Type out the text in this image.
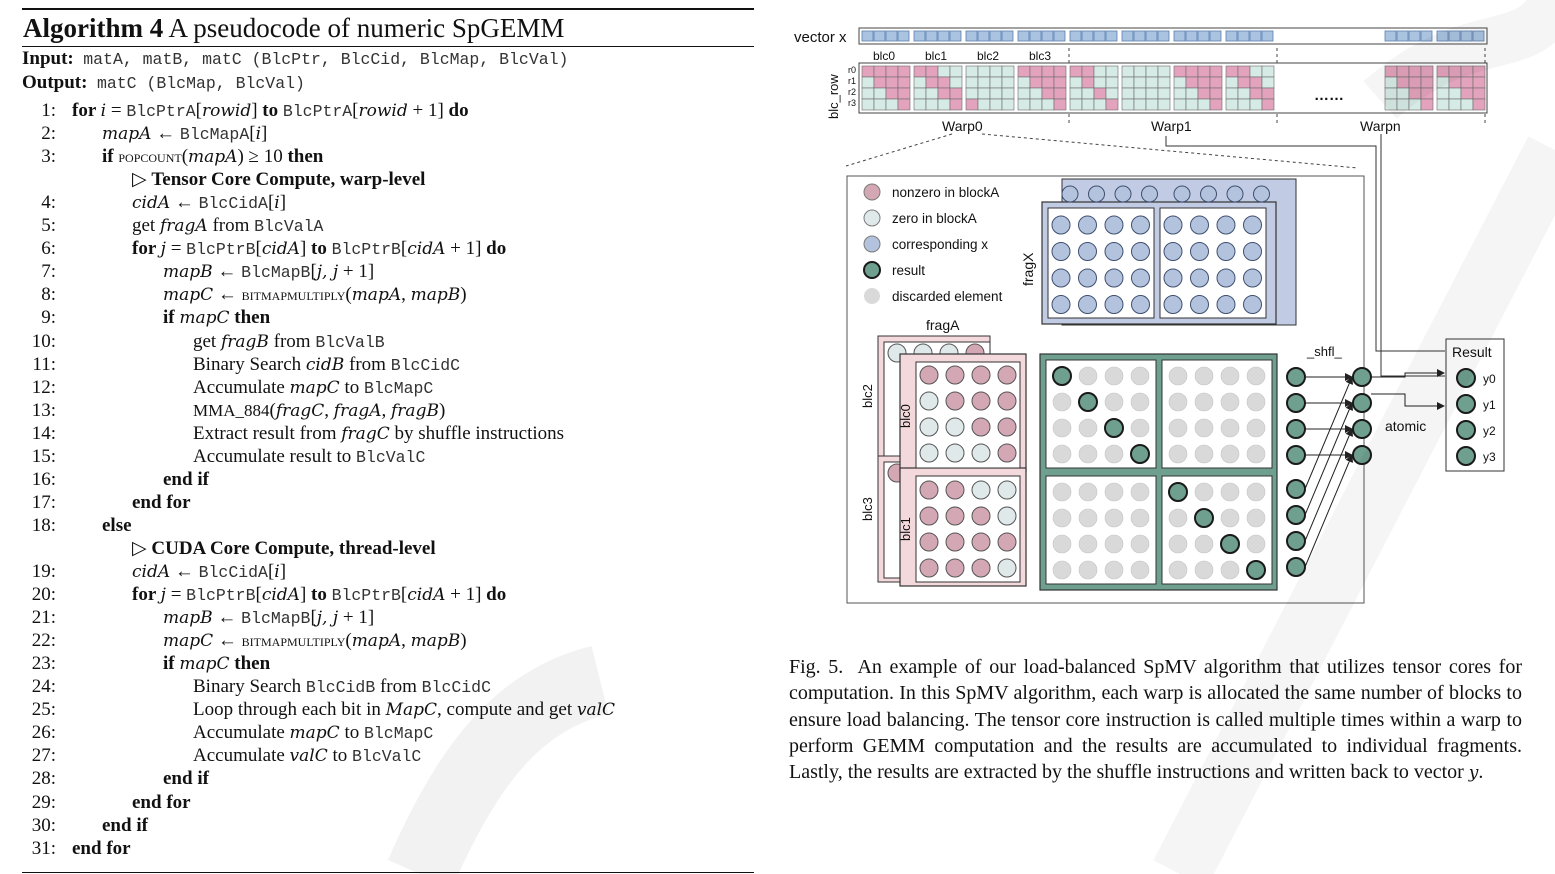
Algorithm 4 A pseudocode of numeric SpGEMM
Input: matA, matB, matC (BlcPtr, BlcCid, BlcMap, BlcVal)
Output: matC (BlcMap, BlcVal)
1: for i = BlcPtrA[rowid] to BlcPtrA[rowid + 1] do
2:	mapA ← BlcMapA[i]
3: if popcount(mapA) ≥ 10 then
▷ Tensor Core Compute, warp-level
4:	cidA ← BlcCidA[i]
5:	get fragA from BlcValA
6:	for j = BlcPtrB[cidA] to BlcPtrB[cidA + 1] do
7:	mapB ← BlcMapB[j, j + 1]
8:	mapC ← bitmapmultiply(mapA, mapB)
9:	if mapC then
10:	get fragB from BlcValB
11:	Binary Search cidB from BlcCidC
12:	Accumulate mapC to BlcMapC
13:	MMA_884(fragC, fragA, fragB)
14:	Extract result from fragC by shuffle instructions
15:	Accumulate result to BlcValC
16:	end if
17:	end for
18: else
▷ CUDA Core Compute, thread-level
19:	cidA ← BlcCidA[i]
20:	for j = BlcPtrB[cidA] to BlcPtrB[cidA + 1] do
21:	mapB ← BlcMapB[j, j + 1]
22:	mapC ← bitmapmultiply(mapA, mapB)
23:	if mapC then
24:	Binary Search BlcCidB from BlcCidC
25:	Loop through each bit in MapC, compute and get valC
26:	Accumulate mapC to BlcMapC
27:	Accumulate valC to BlcValC
28:	end if
29:	end for
30: end if
31: end for
vector x
blc0 blc1 blc2 blc3
blc_row
r0
r1
r2
r3	……
Warp0	Warp1	Warpn
nonzero in blockA
zero in blockA
corresponding x
result
discarded element
fragX
fragA
blc2
blc0
blc3
blc1
_shfl_
atomic
Result
y0
y1
y2
y3
Fig. 5. An example of our load-balanced SpMV algorithm that utilizes tensor cores for computation. In this SpMV algorithm, each warp is allocated the same number of blocks to ensure load balancing. The tensor core instruction is called multiple times within a warp to perform GEMM computation and the results are accumulated to individual fragments. Lastly, the results are extracted by the shuffle instructions and written back to vector y.
